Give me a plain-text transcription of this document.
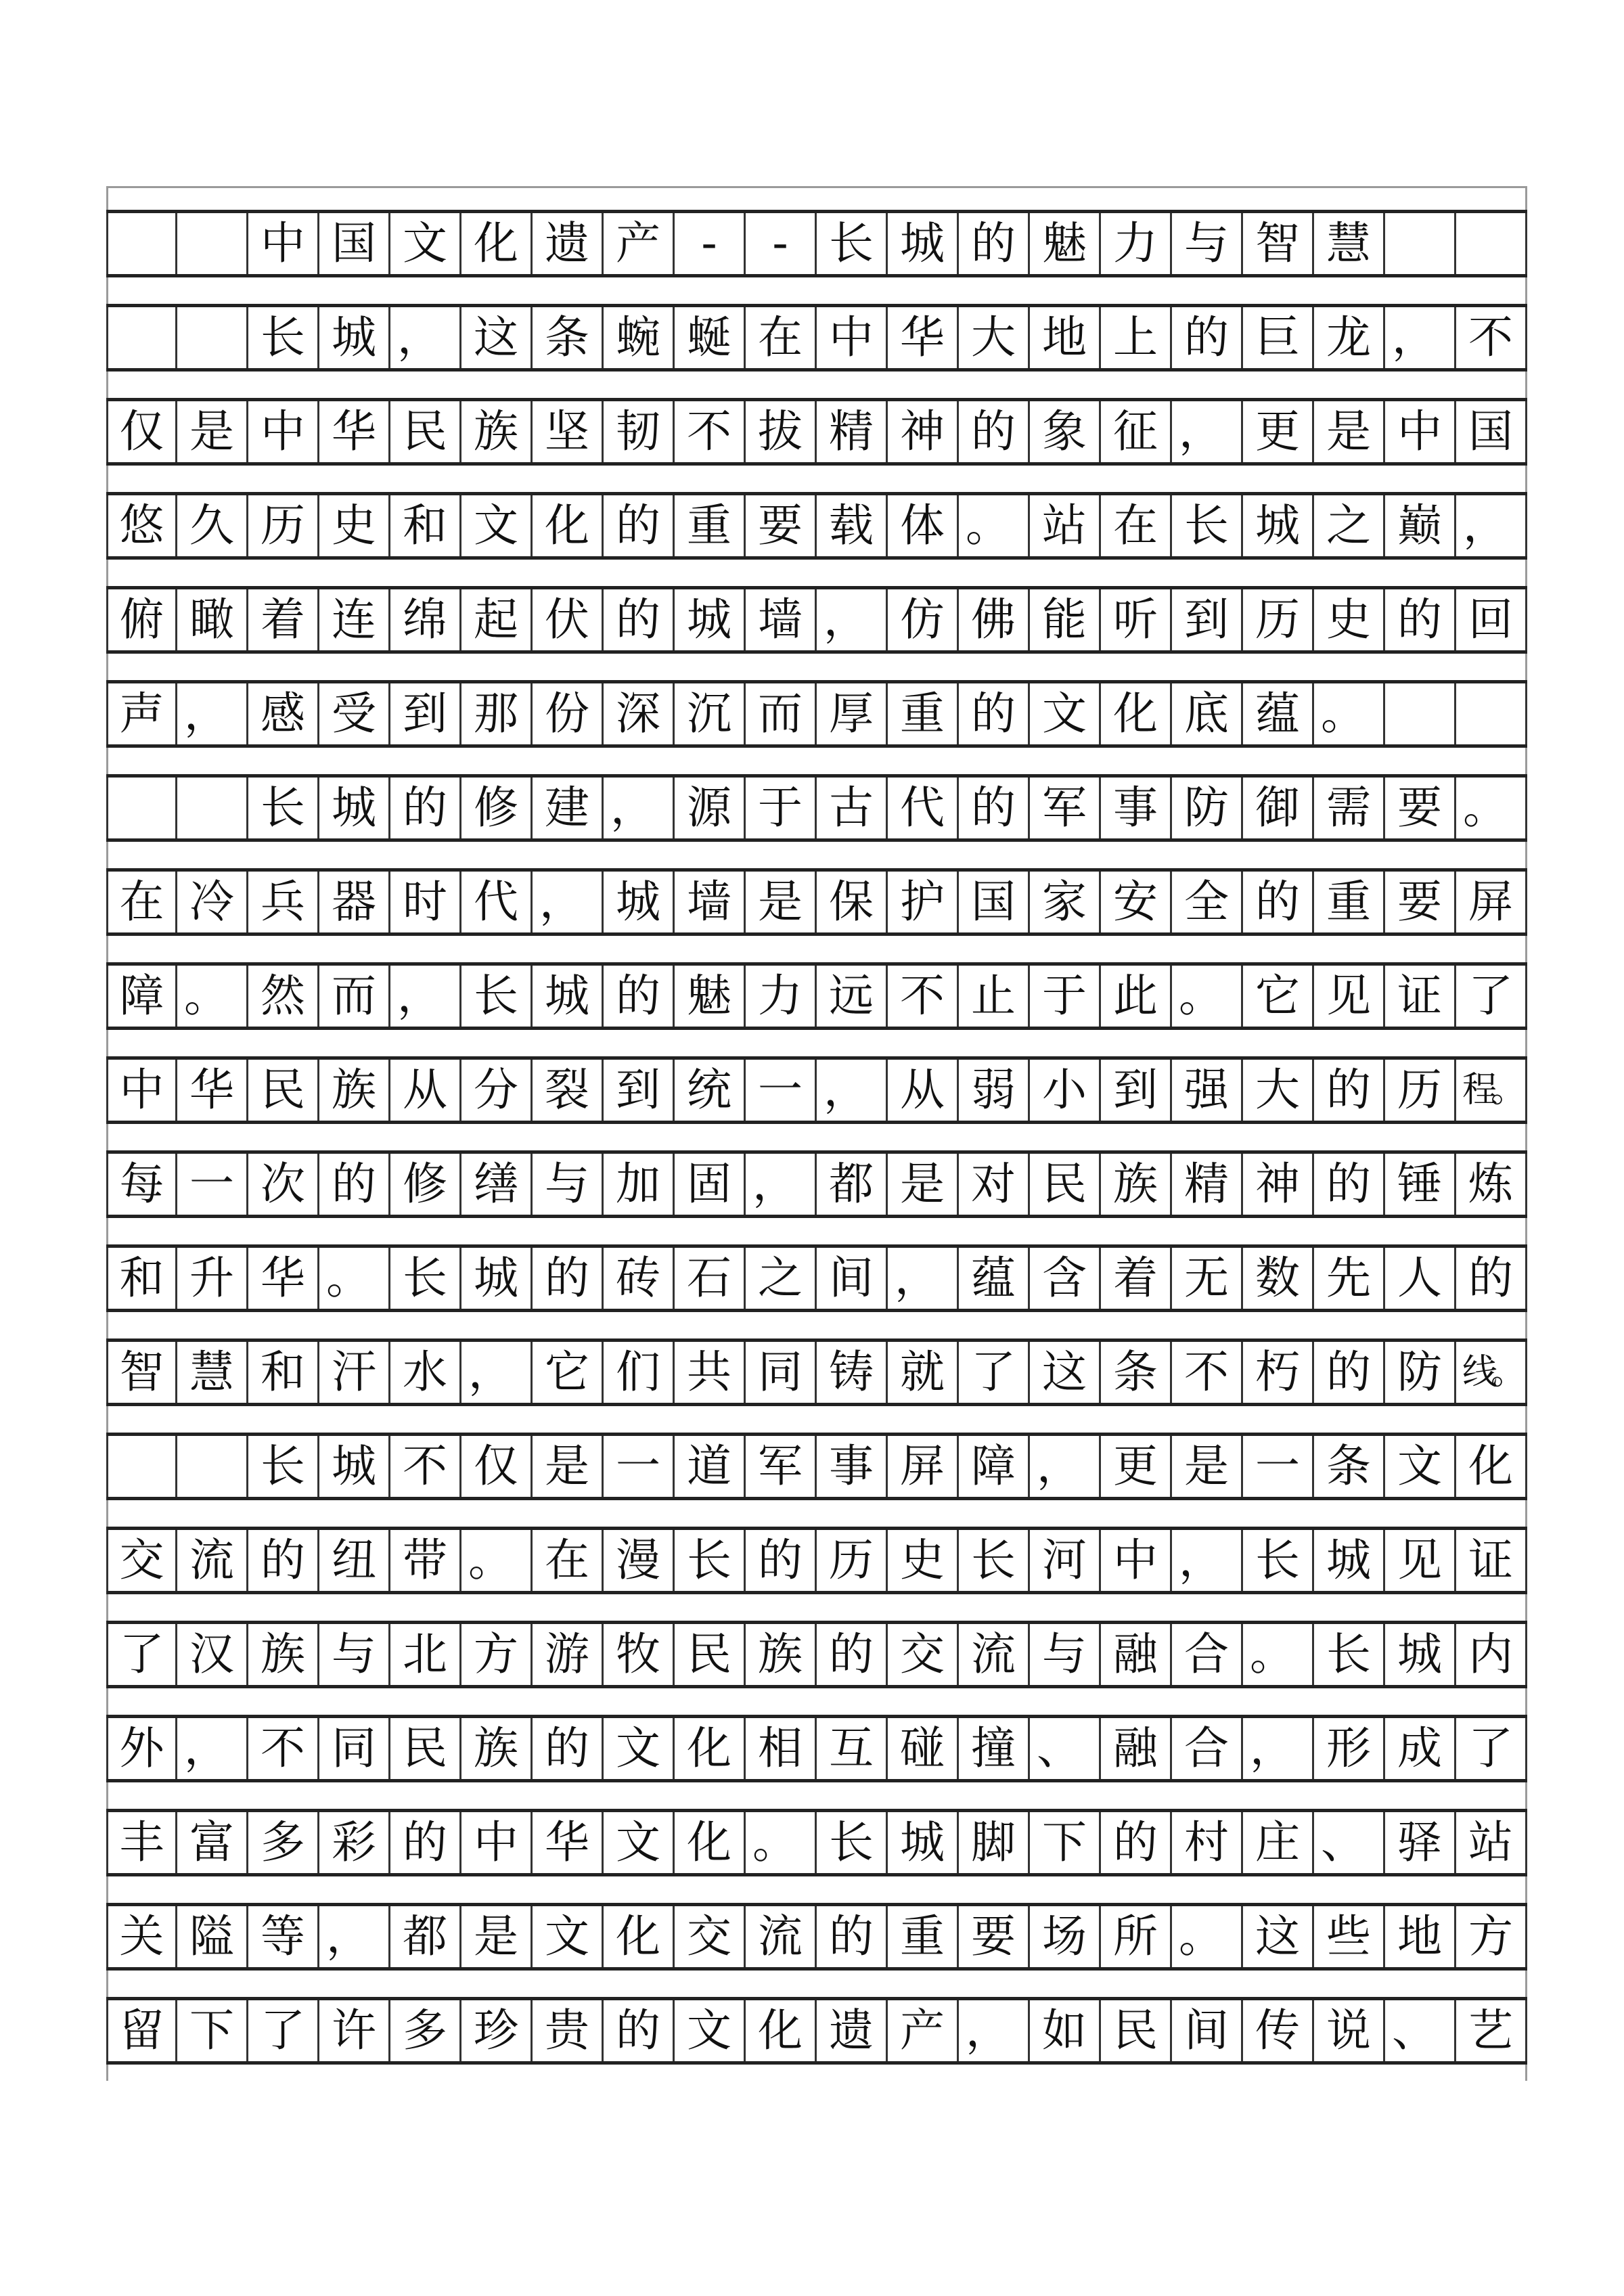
中 国 文 化 遗 产 -	- 长 城 的 魅 力 与 智 慧
长 城 ， 这 条 蜿 蜒 在 中 华 大 地 上 的 巨 龙 ， 不
仅 是 中 华 民 族 坚 韧 不 拔 精 神 的 象 征 ， 更 是 中 国
悠 久 历 史 和 文 化 的 重 要 载 体 。 站 在 长 城 之 巅 ，
俯 瞰 着 连 绵 起 伏 的 城 墙 ， 仿 佛 能 听 到 历 史 的 回
声 ， 感 受 到 那 份 深 沉 而 厚 重 的 文 化 底 蕴 。
长 城 的 修 建 ， 源 于 古 代 的 军 事 防 御 需 要 。
在 冷 兵 器 时 代 ， 城 墙 是 保 护 国 家 安 全 的 重 要 屏
障 。 然 而 ， 长 城 的 魅 力 远 不 止 于 此 。 它 见 证 了
中 华 民 族 从 分 裂 到 统 一 ， 从 弱 小 到 强 大 的 历 程。
每 一 次 的 修 缮 与 加 固 ， 都 是 对 民 族 精 神 的 锤 炼
和 升 华 。 长 城 的 砖 石 之 间 ， 蕴 含 着 无 数 先 人 的
智 慧 和 汗 水 ， 它 们 共 同 铸 就 了 这 条 不 朽 的 防 线。
长 城 不 仅 是 一 道 军 事 屏 障 ， 更 是 一 条 文 化
交 流 的 纽 带 。 在 漫 长 的 历 史 长 河 中 ， 长 城 见 证
了 汉 族 与 北 方 游 牧 民 族 的 交 流 与 融 合 。 长 城 内
外 ， 不 同 民 族 的 文 化 相 互 碰 撞 、 融 合 ， 形 成 了
丰 富 多 彩 的 中 华 文 化 。 长 城 脚 下 的 村 庄 、 驿 站
关 隘 等 ， 都 是 文 化 交 流 的 重 要 场 所 。 这 些 地 方
留 下 了 许 多 珍 贵 的 文 化 遗 产 ， 如 民 间 传 说 、 艺
